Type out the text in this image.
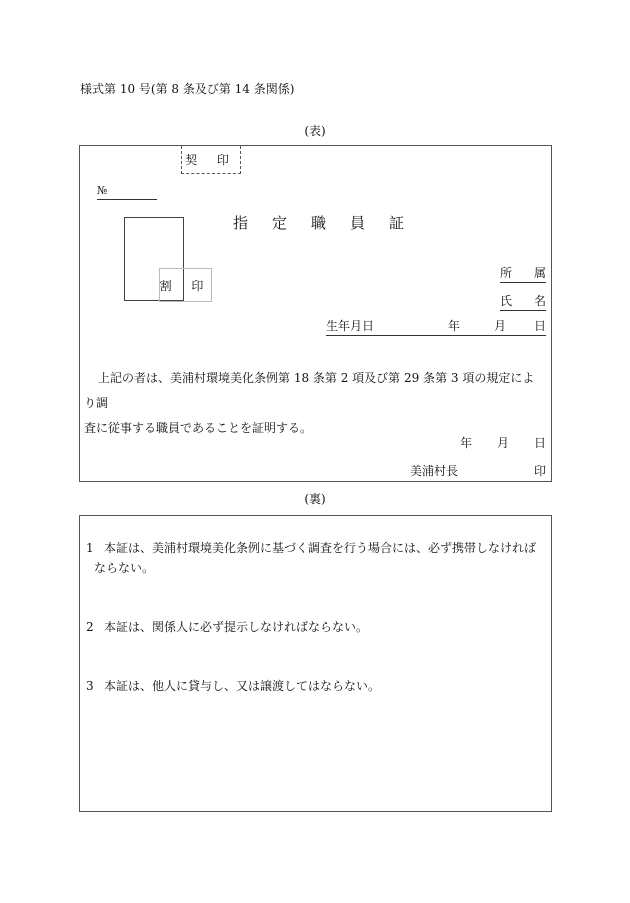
様式第 10 号(第 8 条及び第 14 条関係)
(表)
契 印
№
割 印
指定職員証
所 属
氏 名
生年月日	年	月	日
上記の者は、美浦村環境美化条例第 18 条第 2 項及び第 29 条第 3 項の規定により調
査に従事する職員であることを証明する。
年 月 日
美浦村長	印
(裏)
1 本証は、美浦村環境美化条例に基づく調査を行う場合には、必ず携帯しなければ
ならない。
2 本証は、関係人に必ず提示しなければならない。
3 本証は、他人に貸与し、又は譲渡してはならない。
